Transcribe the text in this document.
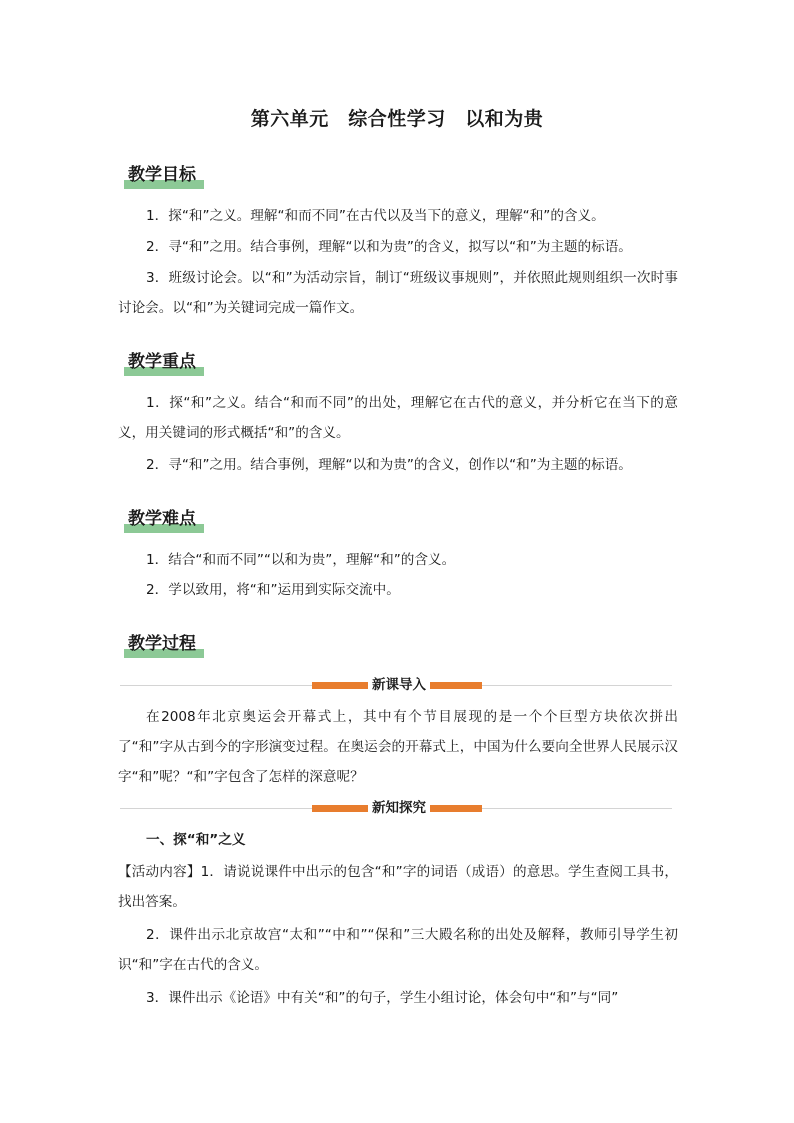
第六单元　综合性学习　以和为贵
教学目标

1．探“和”之义。理解“和而不同”在古代以及当下的意义，理解“和”的含义。

2．寻“和”之用。结合事例，理解“以和为贵”的含义，拟写以“和”为主题的标语。

3．班级讨论会。以“和”为活动宗旨，制订“班级议事规则”，并依照此规则组织一次时事讨论会。以“和”为关键词完成一篇作文。

教学重点

1．探“和”之义。结合“和而不同”的出处，理解它在古代的意义，并分析它在当下的意义，用关键词的形式概括“和”的含义。

2．寻“和”之用。结合事例，理解“以和为贵”的含义，创作以“和”为主题的标语。

教学难点

1．结合“和而不同”“以和为贵”，理解“和”的含义。

2．学以致用，将“和”运用到实际交流中。

教学过程
新课导入

在2008年北京奥运会开幕式上，其中有个节目展现的是一个个巨型方块依次拼出了“和”字从古到今的字形演变过程。在奥运会的开幕式上，中国为什么要向全世界人民展示汉字“和”呢？“和”字包含了怎样的深意呢？

新知探究
一、探“和”之义

【活动内容】1．请说说课件中出示的包含“和”字的词语（成语）的意思。学生查阅工具书，找出答案。

2．课件出示北京故宫“太和”“中和”“保和”三大殿名称的出处及解释，教师引导学生初识“和”字在古代的含义。

3．课件出示《论语》中有关“和”的句子，学生小组讨论，体会句中“和”与“同”
